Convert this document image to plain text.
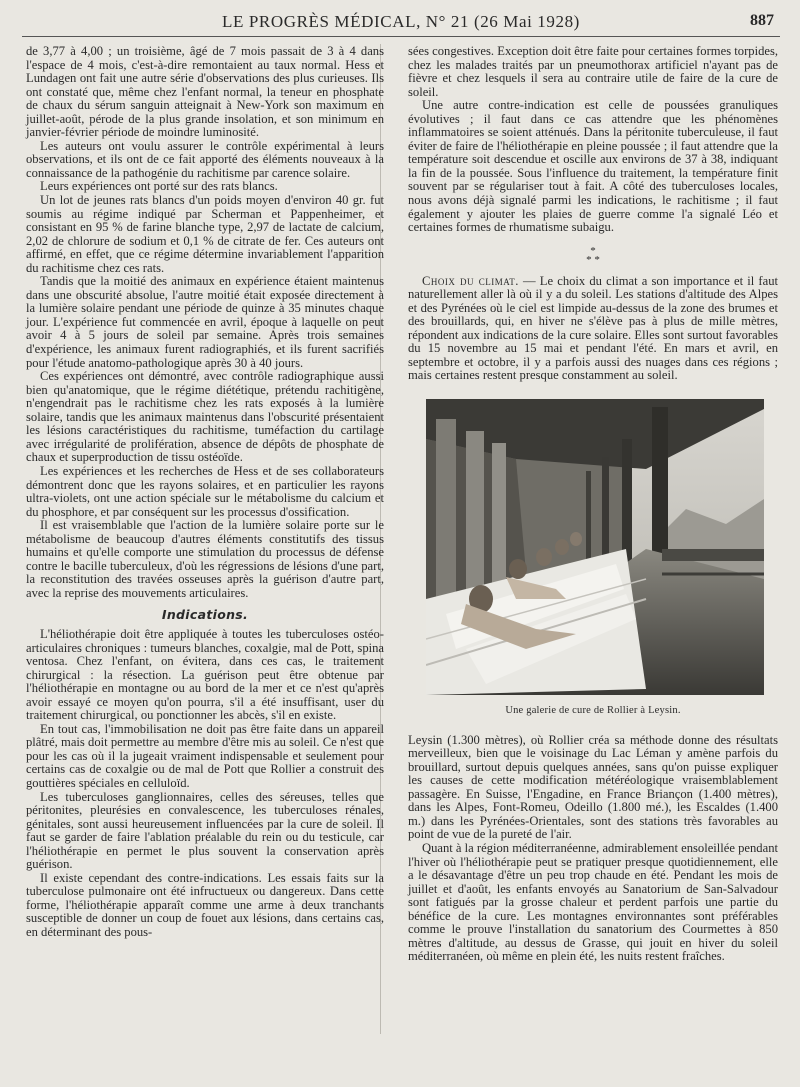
LE PROGRÈS MÉDICAL, N° 21 (26 Mai 1928)	887

de 3,77 à 4,00 ; un troisième, âgé de 7 mois passait de 3 à 4 dans l'espace de 4 mois, c'est-à-dire remontaient au taux normal. Hess et Lundagen ont fait une autre série d'observations des plus curieuses. Ils ont constaté que, même chez l'enfant normal, la teneur en phosphate de chaux du sérum sanguin atteignait à New-York son maximum en juillet-août, pérode de la plus grande insolation, et son minimum en janvier-février période de moindre luminosité.

Les auteurs ont voulu assurer le contrôle expérimental à leurs observations, et ils ont de ce fait apporté des éléments nouveaux à la connaissance de la pathogénie du rachitisme par carence solaire.

Leurs expériences ont porté sur des rats blancs.

Un lot de jeunes rats blancs d'un poids moyen d'environ 40 gr. fut soumis au régime indiqué par Scherman et Pappenheimer, et consistant en 95 % de farine blanche type, 2,97 de lactate de calcium, 2,02 de chlorure de sodium et 0,1 % de citrate de fer. Ces auteurs ont affirmé, en effet, que ce régime détermine invariablement l'apparition du rachitisme chez ces rats.

Tandis que la moitié des animaux en expérience étaient maintenus dans une obscurité absolue, l'autre moitié était exposée directement à la lumière solaire pendant une période de quinze à 35 minutes chaque jour. L'expérience fut commencée en avril, époque à laquelle on peut avoir 4 à 5 jours de soleil par semaine. Après trois semaines d'expérience, les animaux furent radiographiés, et ils furent sacrifiés pour l'étude anatomo-pathologique après 30 à 40 jours.

Ces expériences ont démontré, avec contrôle radiographique aussi bien qu'anatomique, que le régime diététique, prétendu rachitigène, n'engendrait pas le rachitisme chez les rats exposés à la lumière solaire, tandis que les animaux maintenus dans l'obscurité présentaient les lésions caractéristiques du rachitisme, tuméfaction du cartilage avec irrégularité de prolifération, absence de dépôts de phosphate de chaux et superproduction de tissu ostéoïde.

Les expériences et les recherches de Hess et de ses collaborateurs démontrent donc que les rayons solaires, et en particulier les rayons ultra-violets, ont une action spéciale sur le métabolisme du calcium et du phosphore, et par conséquent sur les processus d'ossification.

Il est vraisemblable que l'action de la lumière solaire porte sur le métabolisme de beaucoup d'autres éléments constitutifs des tissus humains et qu'elle comporte une stimulation du processus de défense contre le bacille tuberculeux, d'où les régressions de lésions d'une part, la reconstitution des travées osseuses après la guérison d'autre part, avec la reprise des mouvements articulaires.

Indications.

L'héliothérapie doit être appliquée à toutes les tuberculoses ostéo-articulaires chroniques : tumeurs blanches, coxalgie, mal de Pott, spina ventosa. Chez l'enfant, on évitera, dans ces cas, le traitement chirurgical : la résection. La guérison peut être obtenue par l'héliothérapie en montagne ou au bord de la mer et ce n'est qu'après avoir essayé ce moyen qu'on pourra, s'il a été insuffisant, user du traitement chirurgical, ou ponctionner les abcès, s'il en existe.

En tout cas, l'immobilisation ne doit pas être faite dans un appareil plâtré, mais doit permettre au membre d'être mis au soleil. Ce n'est que pour les cas où il la jugeait vraiment indispensable et seulement pour certains cas de coxalgie ou de mal de Pott que Rollier a construit des gouttières spéciales en celluloïd.

Les tuberculoses ganglionnaires, celles des séreuses, telles que péritonites, pleurésies en convalescence, les tuberculoses rénales, génitales, sont aussi heureusement influencées par la cure de soleil. Il faut se garder de faire l'ablation préalable du rein ou du testicule, car l'héliothérapie en permet le plus souvent la conservation après guérison.

Il existe cependant des contre-indications. Les essais faits sur la tuberculose pulmonaire ont été infructueux ou dangereux. Dans cette forme, l'héliothérapie apparaît comme une arme à deux tranchants susceptible de donner un coup de fouet aux lésions, dans certains cas, en déterminant des pous-

sées congestives. Exception doit être faite pour certaines formes torpides, chez les malades traités par un pneumothorax artificiel n'ayant pas de fièvre et chez lesquels il sera au contraire utile de faire de la cure de soleil.

Une autre contre-indication est celle de poussées granuliques évolutives ; il faut dans ce cas attendre que les phénomènes inflammatoires se soient atténués. Dans la péritonite tuberculeuse, il faut éviter de faire de l'héliothérapie en pleine poussée ; il faut attendre que la température soit descendue et oscille aux environs de 37 à 38, indiquant la fin de la poussée. Sous l'influence du traitement, la température finit souvent par se régulariser tout à fait. A côté des tuberculoses locales, nous avons déjà signalé parmi les indications, le rachitisme ; il faut également y ajouter les plaies de guerre comme l'a signalé Léo et certaines formes de rhumatisme subaigu.

*
* *

Choix du climat. — Le choix du climat a son importance et il faut naturellement aller là où il y a du soleil. Les stations d'altitude des Alpes et des Pyrénées où le ciel est limpide au-dessus de la zone des brumes et des brouillards, qui, en hiver ne s'élève pas à plus de mille mètres, répondent aux indications de la cure solaire. Elles sont surtout favorables du 15 novembre au 15 mai et pendant l'été. En mars et avril, en septembre et octobre, il y a parfois aussi des nuages dans ces régions ; mais certaines restent presque constamment au soleil.

Une galerie de cure de Rollier à Leysin.

Leysin (1.300 mètres), où Rollier créa sa méthode donne des résultats merveilleux, bien que le voisinage du Lac Léman y amène parfois du brouillard, surtout depuis quelques années, sans qu'on puisse expliquer les causes de cette modification météréologique vraisemblablement passagère. En Suisse, l'Engadine, en France Briançon (1.400 mètres), dans les Alpes, Font-Romeu, Odeillo (1.800 mé.), les Escaldes (1.400 m.) dans les Pyrénées-Orientales, sont des stations très favorables au point de vue de la pureté de l'air.

Quant à la région méditerranéenne, admirablement ensoleillée pendant l'hiver où l'héliothérapie peut se pratiquer presque quotidiennement, elle a le désavantage d'être un peu trop chaude en été. Pendant les mois de juillet et d'août, les enfants envoyés au Sanatorium de San-Salvadour sont fatigués par la grosse chaleur et perdent parfois une partie du bénéfice de la cure. Les montagnes environnantes sont préférables comme le prouve l'installation du sanatorium des Courmettes à 850 mètres d'altitude, au dessus de Grasse, qui jouit en hiver du soleil méditerranéen, où même en plein été, les nuits restent fraîches.
